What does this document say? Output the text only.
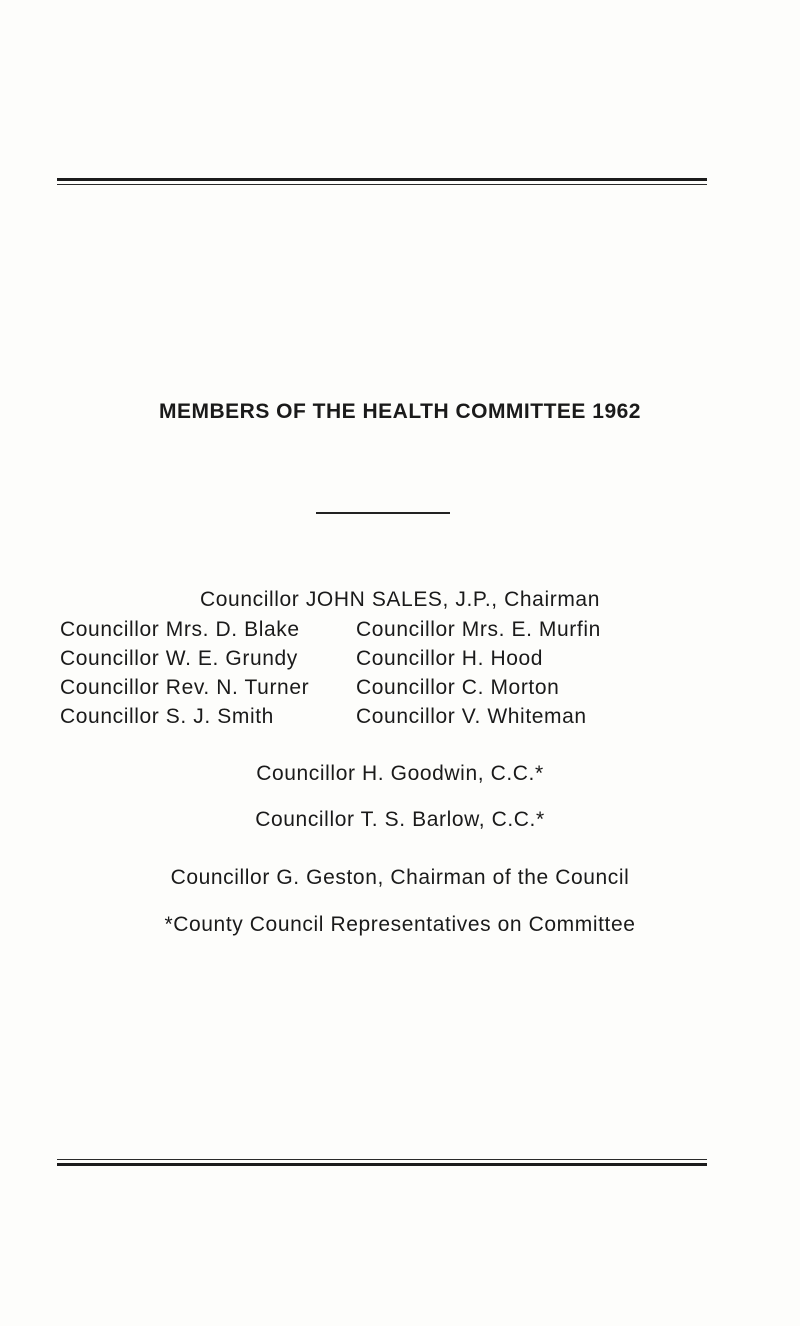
MEMBERS OF THE HEALTH COMMITTEE 1962
Councillor JOHN SALES, J.P., Chairman
Councillor Mrs. D. Blake	Councillor Mrs. E. Murfin
Councillor W. E. Grundy	Councillor H. Hood
Councillor Rev. N. Turner Councillor C. Morton
Councillor S. J. Smith	Councillor V. Whiteman
Councillor H. Goodwin, C.C.*
Councillor T. S. Barlow, C.C.*
Councillor G. Geston, Chairman of the Council
*County Council Representatives on Committee
